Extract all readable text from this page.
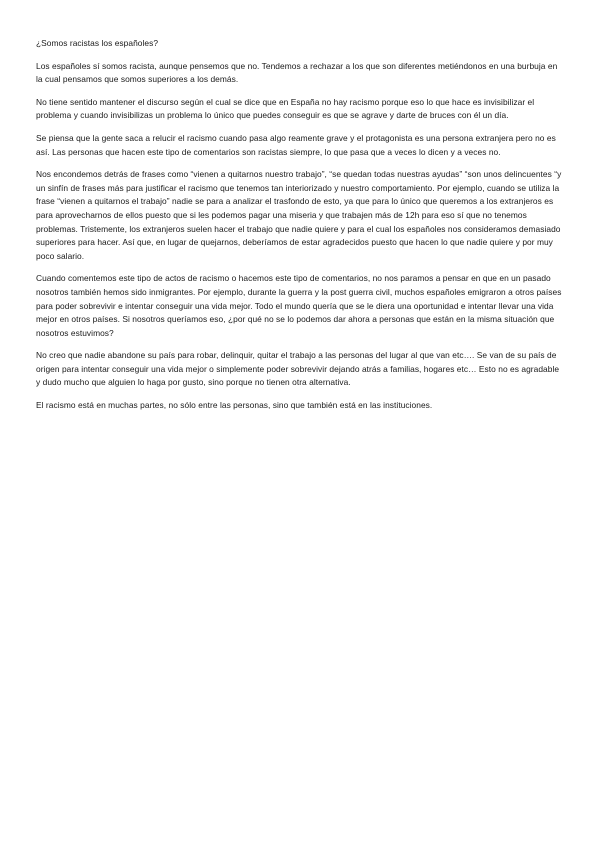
¿Somos racistas los españoles?

Los españoles sí somos racista, aunque pensemos que no. Tendemos a rechazar a los que son diferentes metiéndonos en una burbuja en la cual pensamos que somos superiores a los demás.

No tiene sentido mantener el discurso según el cual se dice que en España no hay racismo porque eso lo que hace es invisibilizar el problema y cuando invisibilizas un problema lo único que puedes conseguir es que se agrave y darte de bruces con él un día.

Se piensa que la gente saca a relucir el racismo cuando pasa algo reamente grave y el protagonista es una persona extranjera pero no es así. Las personas que hacen este tipo de comentarios son racistas siempre, lo que pasa que a veces lo dicen y a veces no.

Nos encondemos detrás de frases como “vienen a quitarnos nuestro trabajo”, “se quedan todas nuestras ayudas” “son unos delincuentes “y un sinfín de frases más para justificar el racismo que tenemos tan interiorizado y nuestro comportamiento. Por ejemplo, cuando se utiliza la frase “vienen a quitarnos el trabajo” nadie se para a analizar el trasfondo de esto, ya que para lo único que queremos a los extranjeros es para aprovecharnos de ellos puesto que si les podemos pagar una miseria y que trabajen más de 12h para eso sí que no tenemos problemas. Tristemente, los extranjeros suelen hacer el trabajo que nadie quiere y para el cual los españoles nos consideramos demasiado superiores para hacer. Así que, en lugar de quejarnos, deberíamos de estar agradecidos puesto que hacen lo que nadie quiere y por muy poco salario.

Cuando comentemos este tipo de actos de racismo o hacemos este tipo de comentarios, no nos paramos a pensar en que en un pasado nosotros también hemos sido inmigrantes. Por ejemplo, durante la guerra y la post guerra civil, muchos españoles emigraron a otros países para poder sobrevivir e intentar conseguir una vida mejor. Todo el mundo quería que se le diera una oportunidad e intentar llevar una vida mejor en otros países. Si nosotros queríamos eso, ¿por qué no se lo podemos dar ahora a personas que están en la misma situación que nosotros estuvimos?

No creo que nadie abandone su país para robar, delinquir, quitar el trabajo a las personas del lugar al que van etc…. Se van de su país de origen para intentar conseguir una vida mejor o simplemente poder sobrevivir dejando atrás a familias, hogares etc… Esto no es agradable y dudo mucho que alguien lo haga por gusto, sino porque no tienen otra alternativa.

El racismo está en muchas partes, no sólo entre las personas, sino que también está en las instituciones.
